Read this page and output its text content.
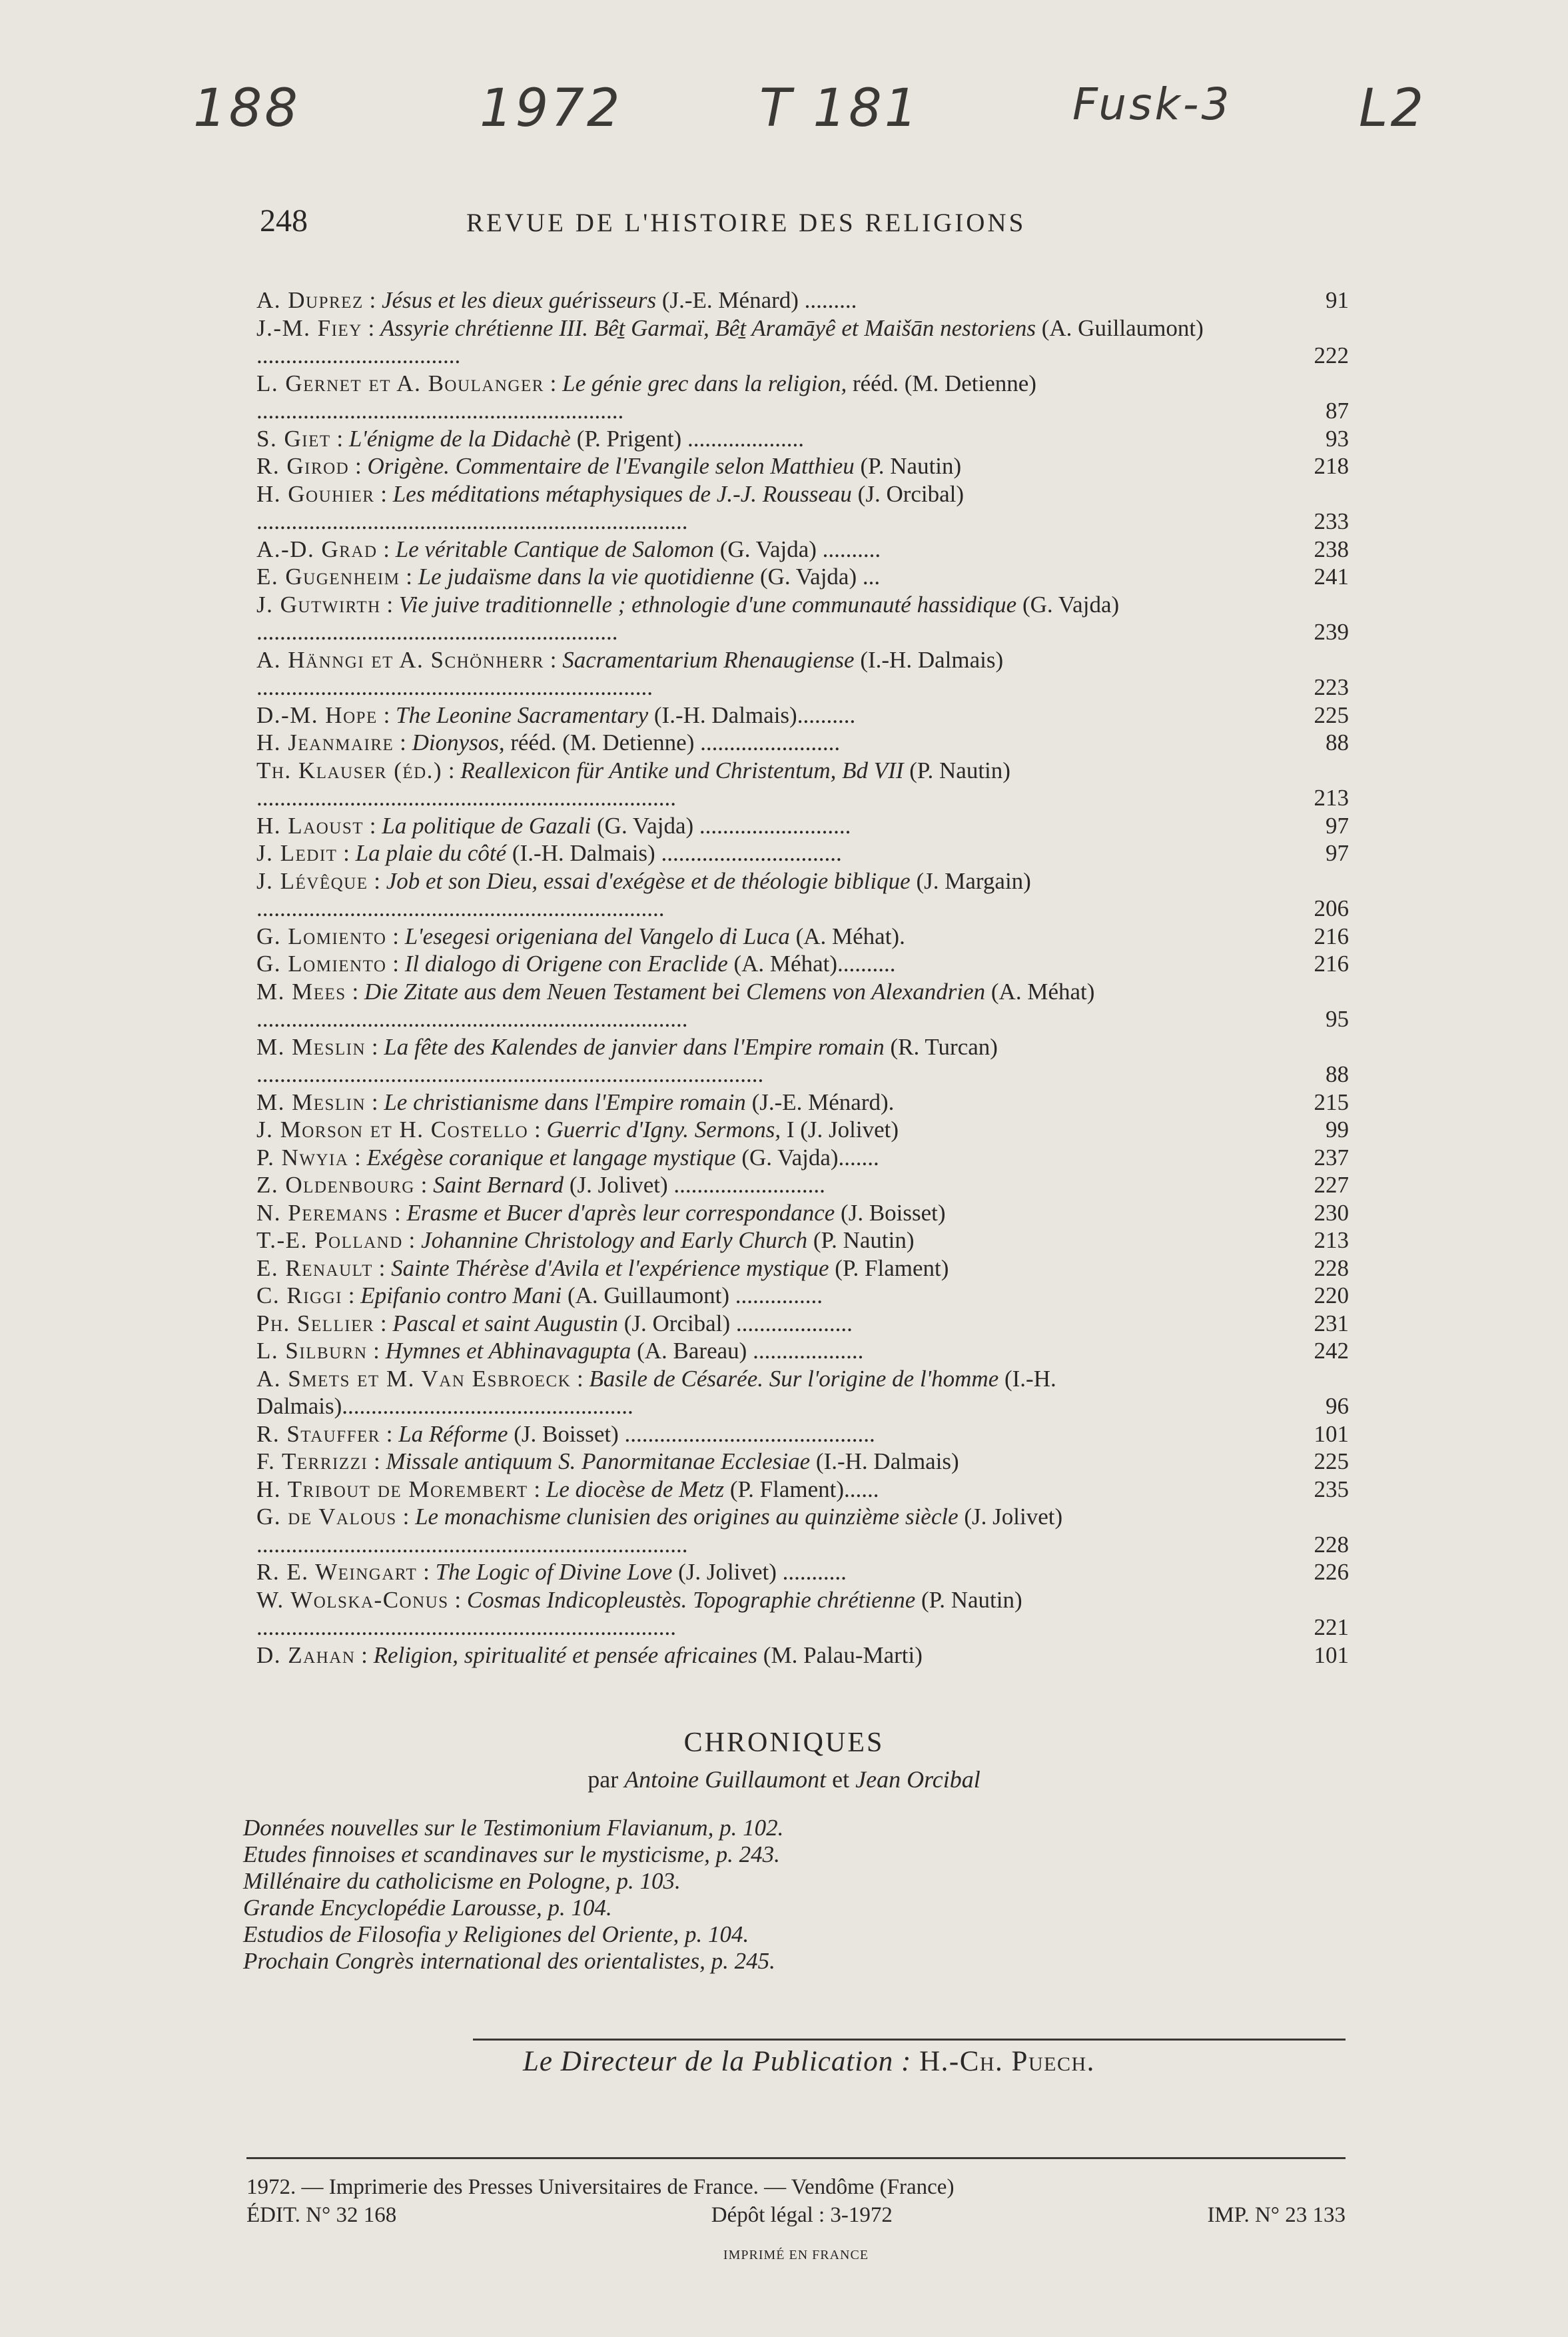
188	1972	T 181	Fusk-3 L2
248	REVUE DE L'HISTOIRE DES RELIGIONS
A. Duprez : Jésus et les dieux guérisseurs (J.-E. Ménard) .........	91
J.-M. Fiey : Assyrie chrétienne III. Bêṯ Garmaï, Bêṯ Aramāyê et Maišān nestoriens (A. Guillaumont) ...................................	222
L. Gernet et A. Boulanger : Le génie grec dans la religion, rééd. (M. Detienne) ...............................................................	87
S. Giet : L'énigme de la Didachè (P. Prigent) ....................	93
R. Girod : Origène. Commentaire de l'Evangile selon Matthieu (P. Nautin)	218
H. Gouhier : Les méditations métaphysiques de J.-J. Rousseau (J. Orcibal) ..........................................................................	233
A.-D. Grad : Le véritable Cantique de Salomon (G. Vajda) ..........	238
E. Gugenheim : Le judaïsme dans la vie quotidienne (G. Vajda) ...	241
J. Gutwirth : Vie juive traditionnelle ; ethnologie d'une communauté hassidique (G. Vajda) ..............................................................	239
A. Hänngi et A. Schönherr : Sacramentarium Rhenaugiense (I.-H. Dalmais) ....................................................................	223
D.-M. Hope : The Leonine Sacramentary (I.-H. Dalmais)..........	225
H. Jeanmaire : Dionysos, rééd. (M. Detienne) ........................	88
Th. Klauser (éd.) : Reallexicon für Antike und Christentum, Bd VII (P. Nautin) ........................................................................	213
H. Laoust : La politique de Gazali (G. Vajda) ..........................	97
J. Ledit : La plaie du côté (I.-H. Dalmais) ...............................	97
J. Lévêque : Job et son Dieu, essai d'exégèse et de théologie biblique (J. Margain) ......................................................................	206
G. Lomiento : L'esegesi origeniana del Vangelo di Luca (A. Méhat).	216
G. Lomiento : Il dialogo di Origene con Eraclide (A. Méhat)..........	216
M. Mees : Die Zitate aus dem Neuen Testament bei Clemens von Alexandrien (A. Méhat) ..........................................................................	95
M. Meslin : La fête des Kalendes de janvier dans l'Empire romain (R. Turcan) .......................................................................................	88
M. Meslin : Le christianisme dans l'Empire romain (J.-E. Ménard).	215
J. Morson et H. Costello : Guerric d'Igny. Sermons, I (J. Jolivet)	99
P. Nwyia : Exégèse coranique et langage mystique (G. Vajda).......	237
Z. Oldenbourg : Saint Bernard (J. Jolivet) ..........................	227
N. Peremans : Erasme et Bucer d'après leur correspondance (J. Boisset)	230
T.-E. Polland : Johannine Christology and Early Church (P. Nautin)	213
E. Renault : Sainte Thérèse d'Avila et l'expérience mystique (P. Flament)	228
C. Riggi : Epifanio contro Mani (A. Guillaumont) ...............	220
Ph. Sellier : Pascal et saint Augustin (J. Orcibal) ....................	231
L. Silburn : Hymnes et Abhinavagupta (A. Bareau) ...................	242
A. Smets et M. Van Esbroeck : Basile de Césarée. Sur l'origine de l'homme (I.-H. Dalmais)..................................................	96
R. Stauffer : La Réforme (J. Boisset) ...........................................	101
F. Terrizzi : Missale antiquum S. Panormitanae Ecclesiae (I.-H. Dalmais)	225
H. Tribout de Morembert : Le diocèse de Metz (P. Flament)......	235
G. de Valous : Le monachisme clunisien des origines au quinzième siècle (J. Jolivet) ..........................................................................	228
R. E. Weingart : The Logic of Divine Love (J. Jolivet) ...........	226
W. Wolska-Conus : Cosmas Indicopleustès. Topographie chrétienne (P. Nautin) ........................................................................	221
D. Zahan : Religion, spiritualité et pensée africaines (M. Palau-Marti)	101
CHRONIQUES
par Antoine Guillaumont et Jean Orcibal
Données nouvelles sur le Testimonium Flavianum, p. 102.
Etudes finnoises et scandinaves sur le mysticisme, p. 243.
Millénaire du catholicisme en Pologne, p. 103.
Grande Encyclopédie Larousse, p. 104.
Estudios de Filosofia y Religiones del Oriente, p. 104.
Prochain Congrès international des orientalistes, p. 245.
Le Directeur de la Publication : H.-Ch. Puech.
1972. — Imprimerie des Presses Universitaires de France. — Vendôme (France)
ÉDIT. N° 32 168	Dépôt légal : 3-1972	IMP. N° 23 133
IMPRIMÉ EN FRANCE
